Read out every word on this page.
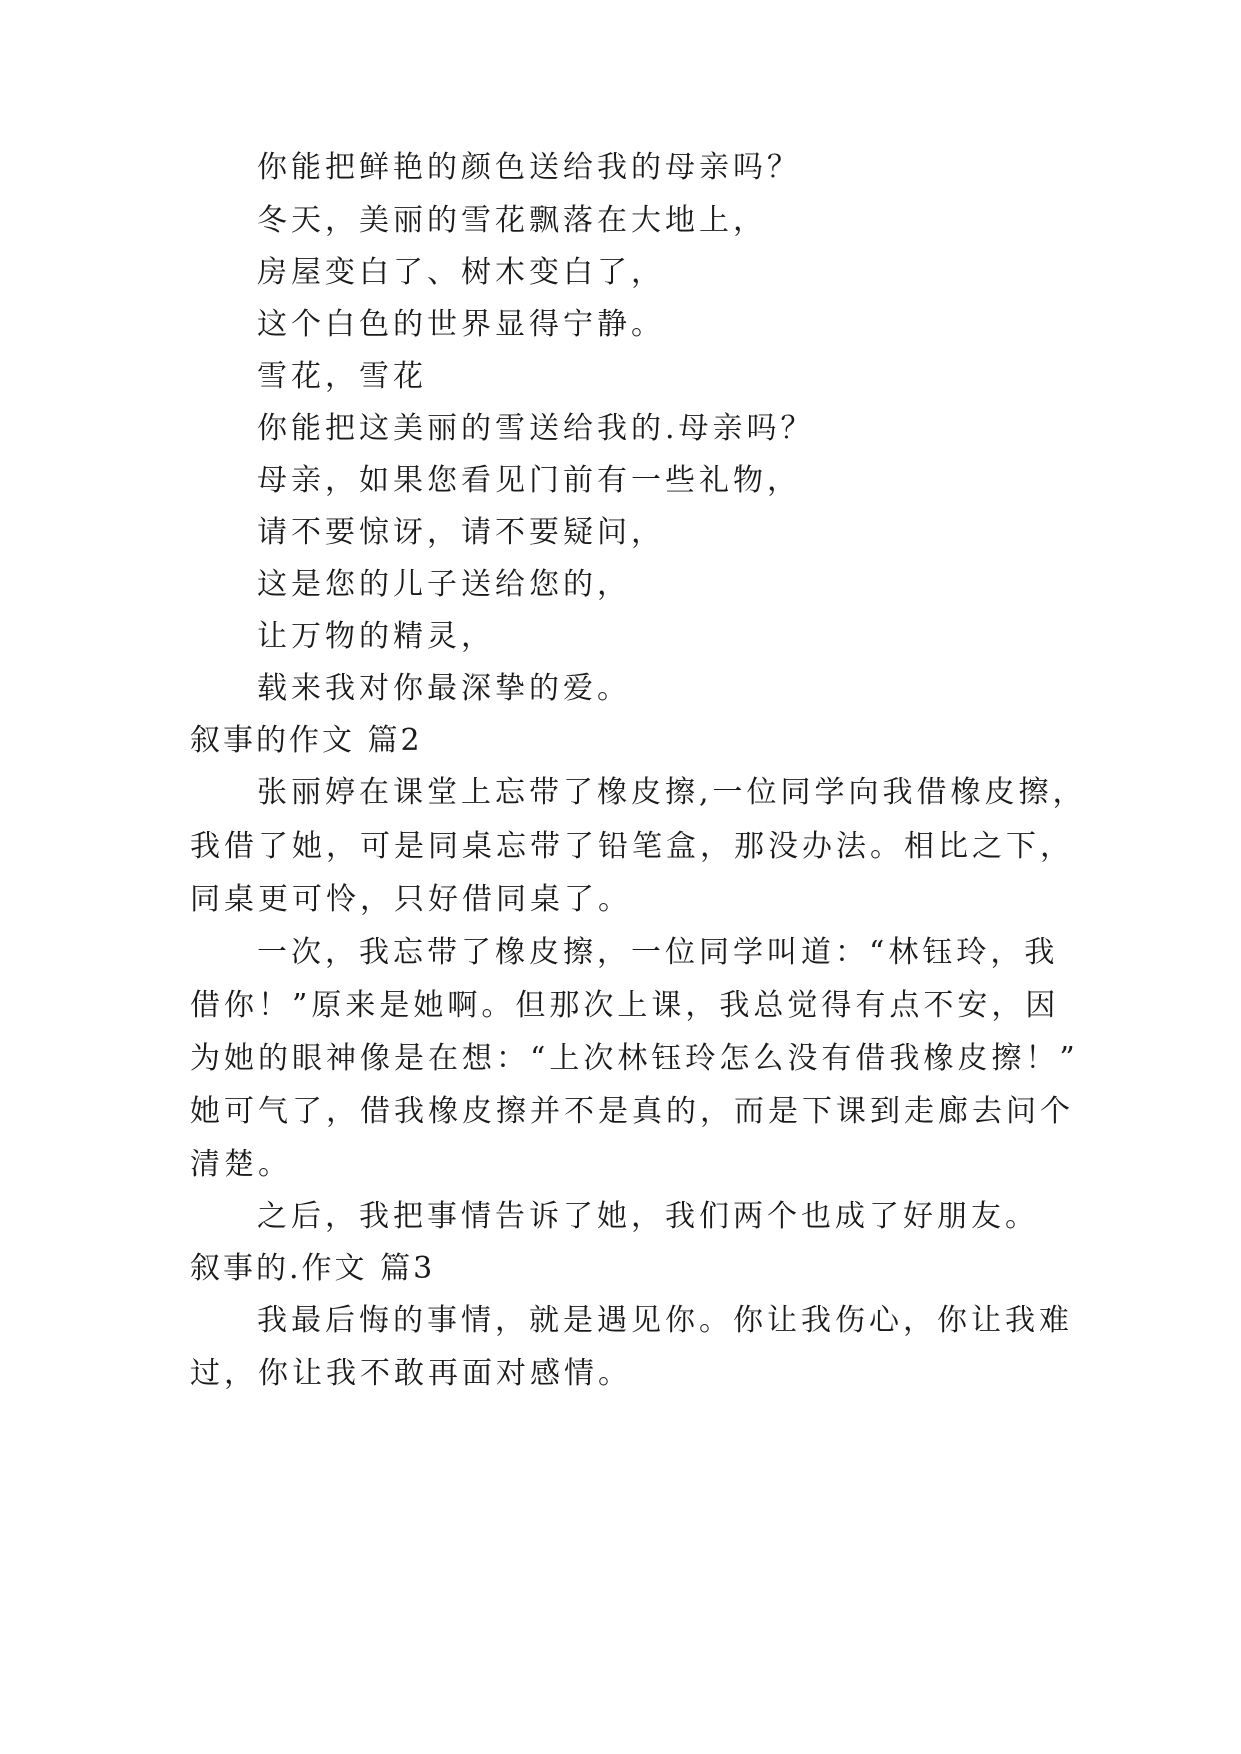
你能把鲜艳的颜色送给我的母亲吗？
冬天，美丽的雪花飘落在大地上，
房屋变白了、树木变白了，
这个白色的世界显得宁静。
雪花，雪花
你能把这美丽的雪送给我的.母亲吗？
母亲，如果您看见门前有一些礼物，
请不要惊讶，请不要疑问，
这是您的儿子送给您的，
让万物的精灵，
载来我对你最深挚的爱。
叙事的作文 篇2
张丽婷在课堂上忘带了橡皮擦,一位同学向我借橡皮擦，
我借了她，可是同桌忘带了铅笔盒，那没办法。相比之下，
同桌更可怜，只好借同桌了。
一次，我忘带了橡皮擦，一位同学叫道：“林钰玲，我
借你！”原来是她啊。但那次上课，我总觉得有点不安，因
为她的眼神像是在想：“上次林钰玲怎么没有借我橡皮擦！”
她可气了，借我橡皮擦并不是真的，而是下课到走廊去问个
清楚。
之后，我把事情告诉了她，我们两个也成了好朋友。
叙事的.作文 篇3
我最后悔的事情，就是遇见你。你让我伤心，你让我难
过，你让我不敢再面对感情。
